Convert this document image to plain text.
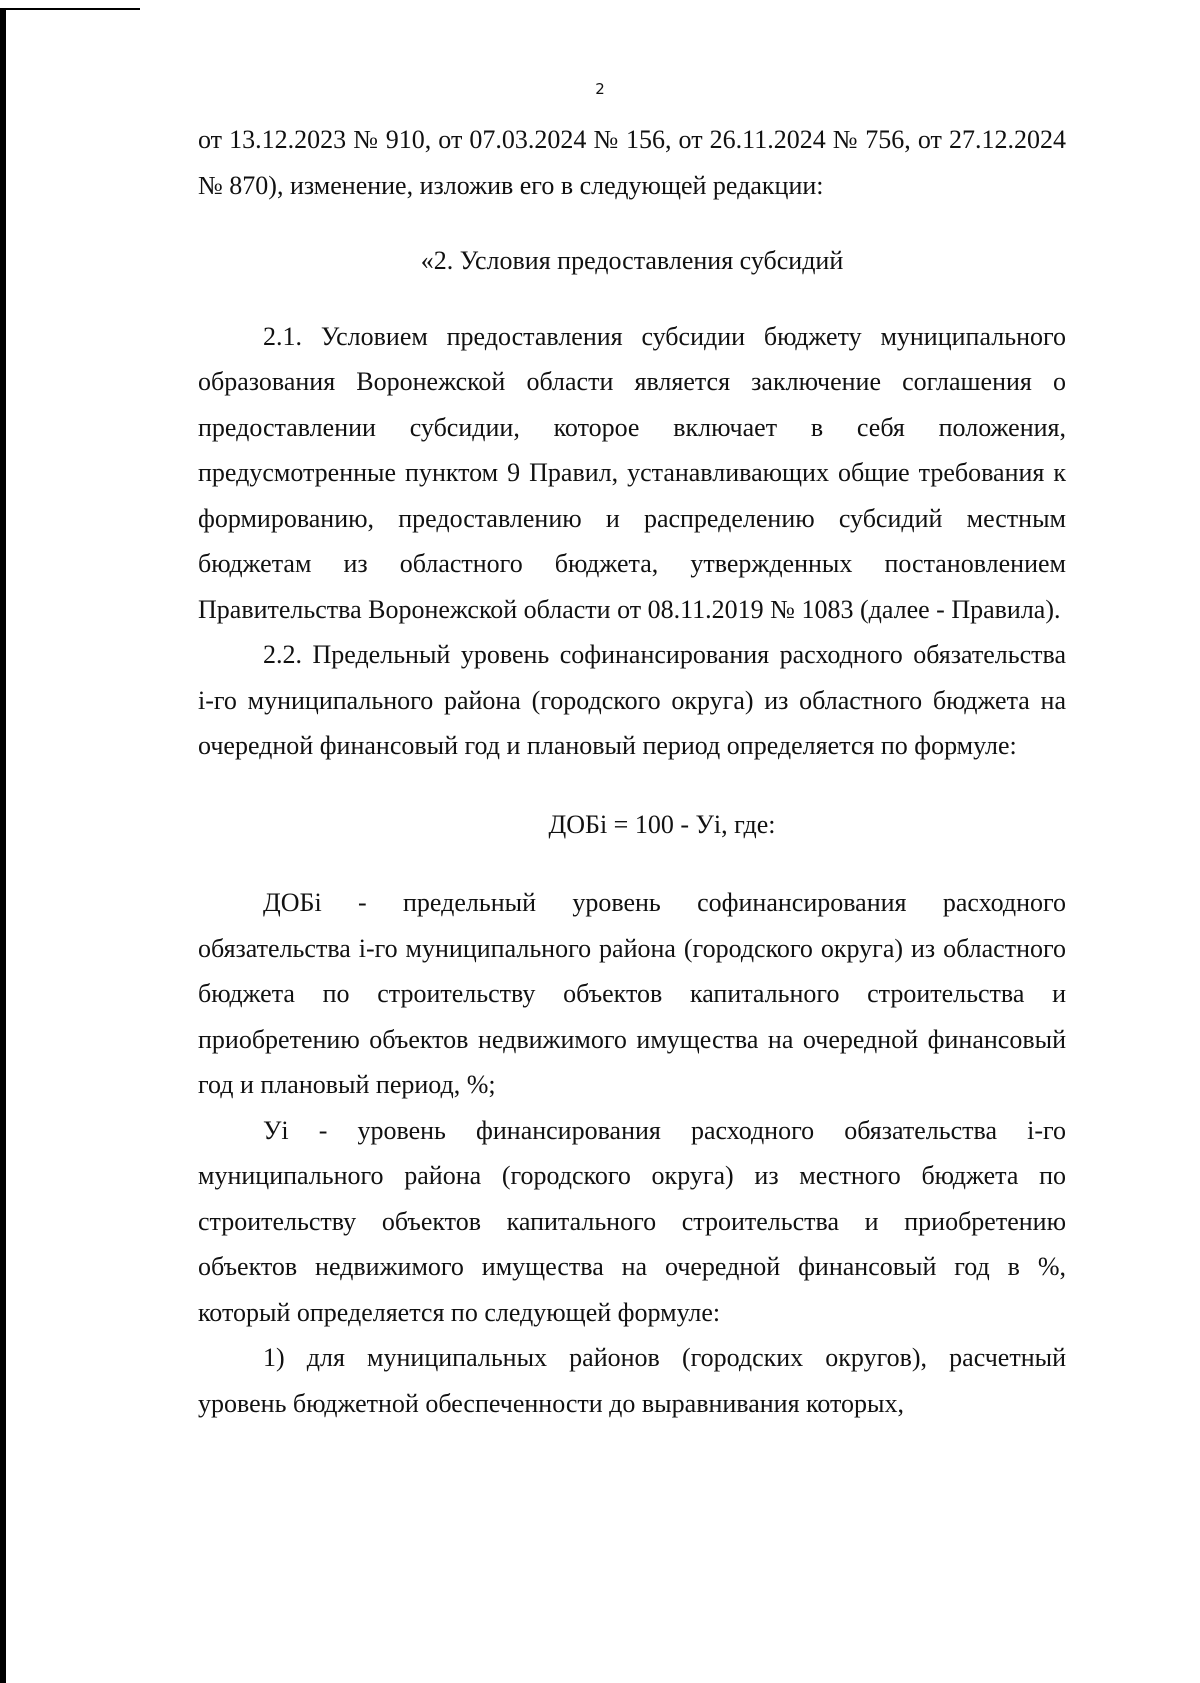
2

от 13.12.2023 № 910, от 07.03.2024 № 156, от 26.11.2024 № 756, от 27.12.2024 № 870), изменение, изложив его в следующей редакции:

«2. Условия предоставления субсидий

2.1. Условием предоставления субсидии бюджету муниципального образования Воронежской области является заключение соглашения о предоставлении субсидии, которое включает в себя положения, предусмотренные пунктом 9 Правил, устанавливающих общие требования к формированию, предоставлению и распределению субсидий местным бюджетам из областного бюджета, утвержденных постановлением Правительства Воронежской области от 08.11.2019 № 1083 (далее - Правила).

2.2. Предельный уровень софинансирования расходного обязательства і-го муниципального района (городского округа) из областного бюджета на очередной финансовый год и плановый период определяется по формуле:

ДОБі = 100 - Уі, где:

ДОБі - предельный уровень софинансирования расходного обязательства і-го муниципального района (городского округа) из областного бюджета по строительству объектов капитального строительства и приобретению объектов недвижимого имущества на очередной финансовый год и плановый период, %;

Уі - уровень финансирования расходного обязательства і-го муниципального района (городского округа) из местного бюджета по строительству объектов капитального строительства и приобретению объектов недвижимого имущества на очередной финансовый год в %, который определяется по следующей формуле:

1) для муниципальных районов (городских округов), расчетный уровень бюджетной обеспеченности до выравнивания которых,
